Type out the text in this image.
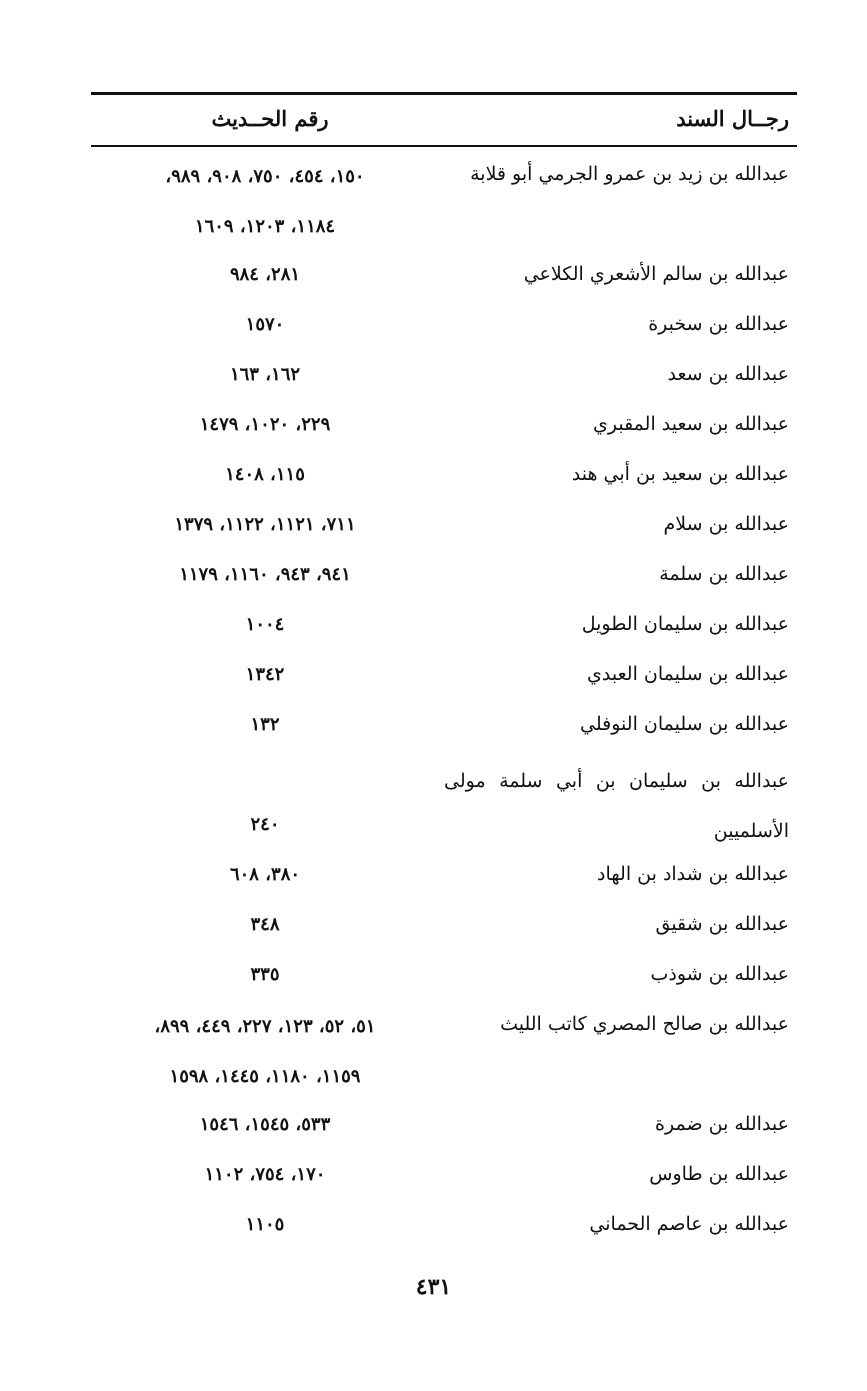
رجــال السند
رقم الحــديث
عبدالله بن زيد بن عمرو الجرمي أبو قلابة
١٥٠، ٤٥٤، ٧٥٠، ٩٠٨، ٩٨٩،
١١٨٤، ١٢٠٣، ١٦٠٩
عبدالله بن سالم الأشعري الكلاعي
٢٨١، ٩٨٤
عبدالله بن سخبرة
١٥٧٠
عبدالله بن سعد
١٦٢، ١٦٣
عبدالله بن سعيد المقبري
٢٢٩، ١٠٢٠، ١٤٧٩
عبدالله بن سعيد بن أبي هند
١١٥، ١٤٠٨
عبدالله بن سلام
٧١١، ١١٢١، ١١٢٢، ١٣٧٩
عبدالله بن سلمة
٩٤١، ٩٤٣، ١١٦٠، ١١٧٩
عبدالله بن سليمان الطويل
١٠٠٤
عبدالله بن سليمان العبدي
١٣٤٢
عبدالله بن سليمان النوفلي
١٣٢
عبدالله بن سليمان بن أبي سلمة مولى الأسلميين
٢٤٠
عبدالله بن شداد بن الهاد
٣٨٠، ٦٠٨
عبدالله بن شقيق
٣٤٨
عبدالله بن شوذب
٣٣٥
عبدالله بن صالح المصري كاتب الليث
٥١، ٥٢، ١٢٣، ٢٢٧، ٤٤٩، ٨٩٩،
١١٥٩، ١١٨٠، ١٤٤٥، ١٥٩٨
عبدالله بن ضمرة
٥٣٣، ١٥٤٥، ١٥٤٦
عبدالله بن طاوس
١٧٠، ٧٥٤، ١١٠٢
عبدالله بن عاصم الحماني
١١٠٥
٤٣١
